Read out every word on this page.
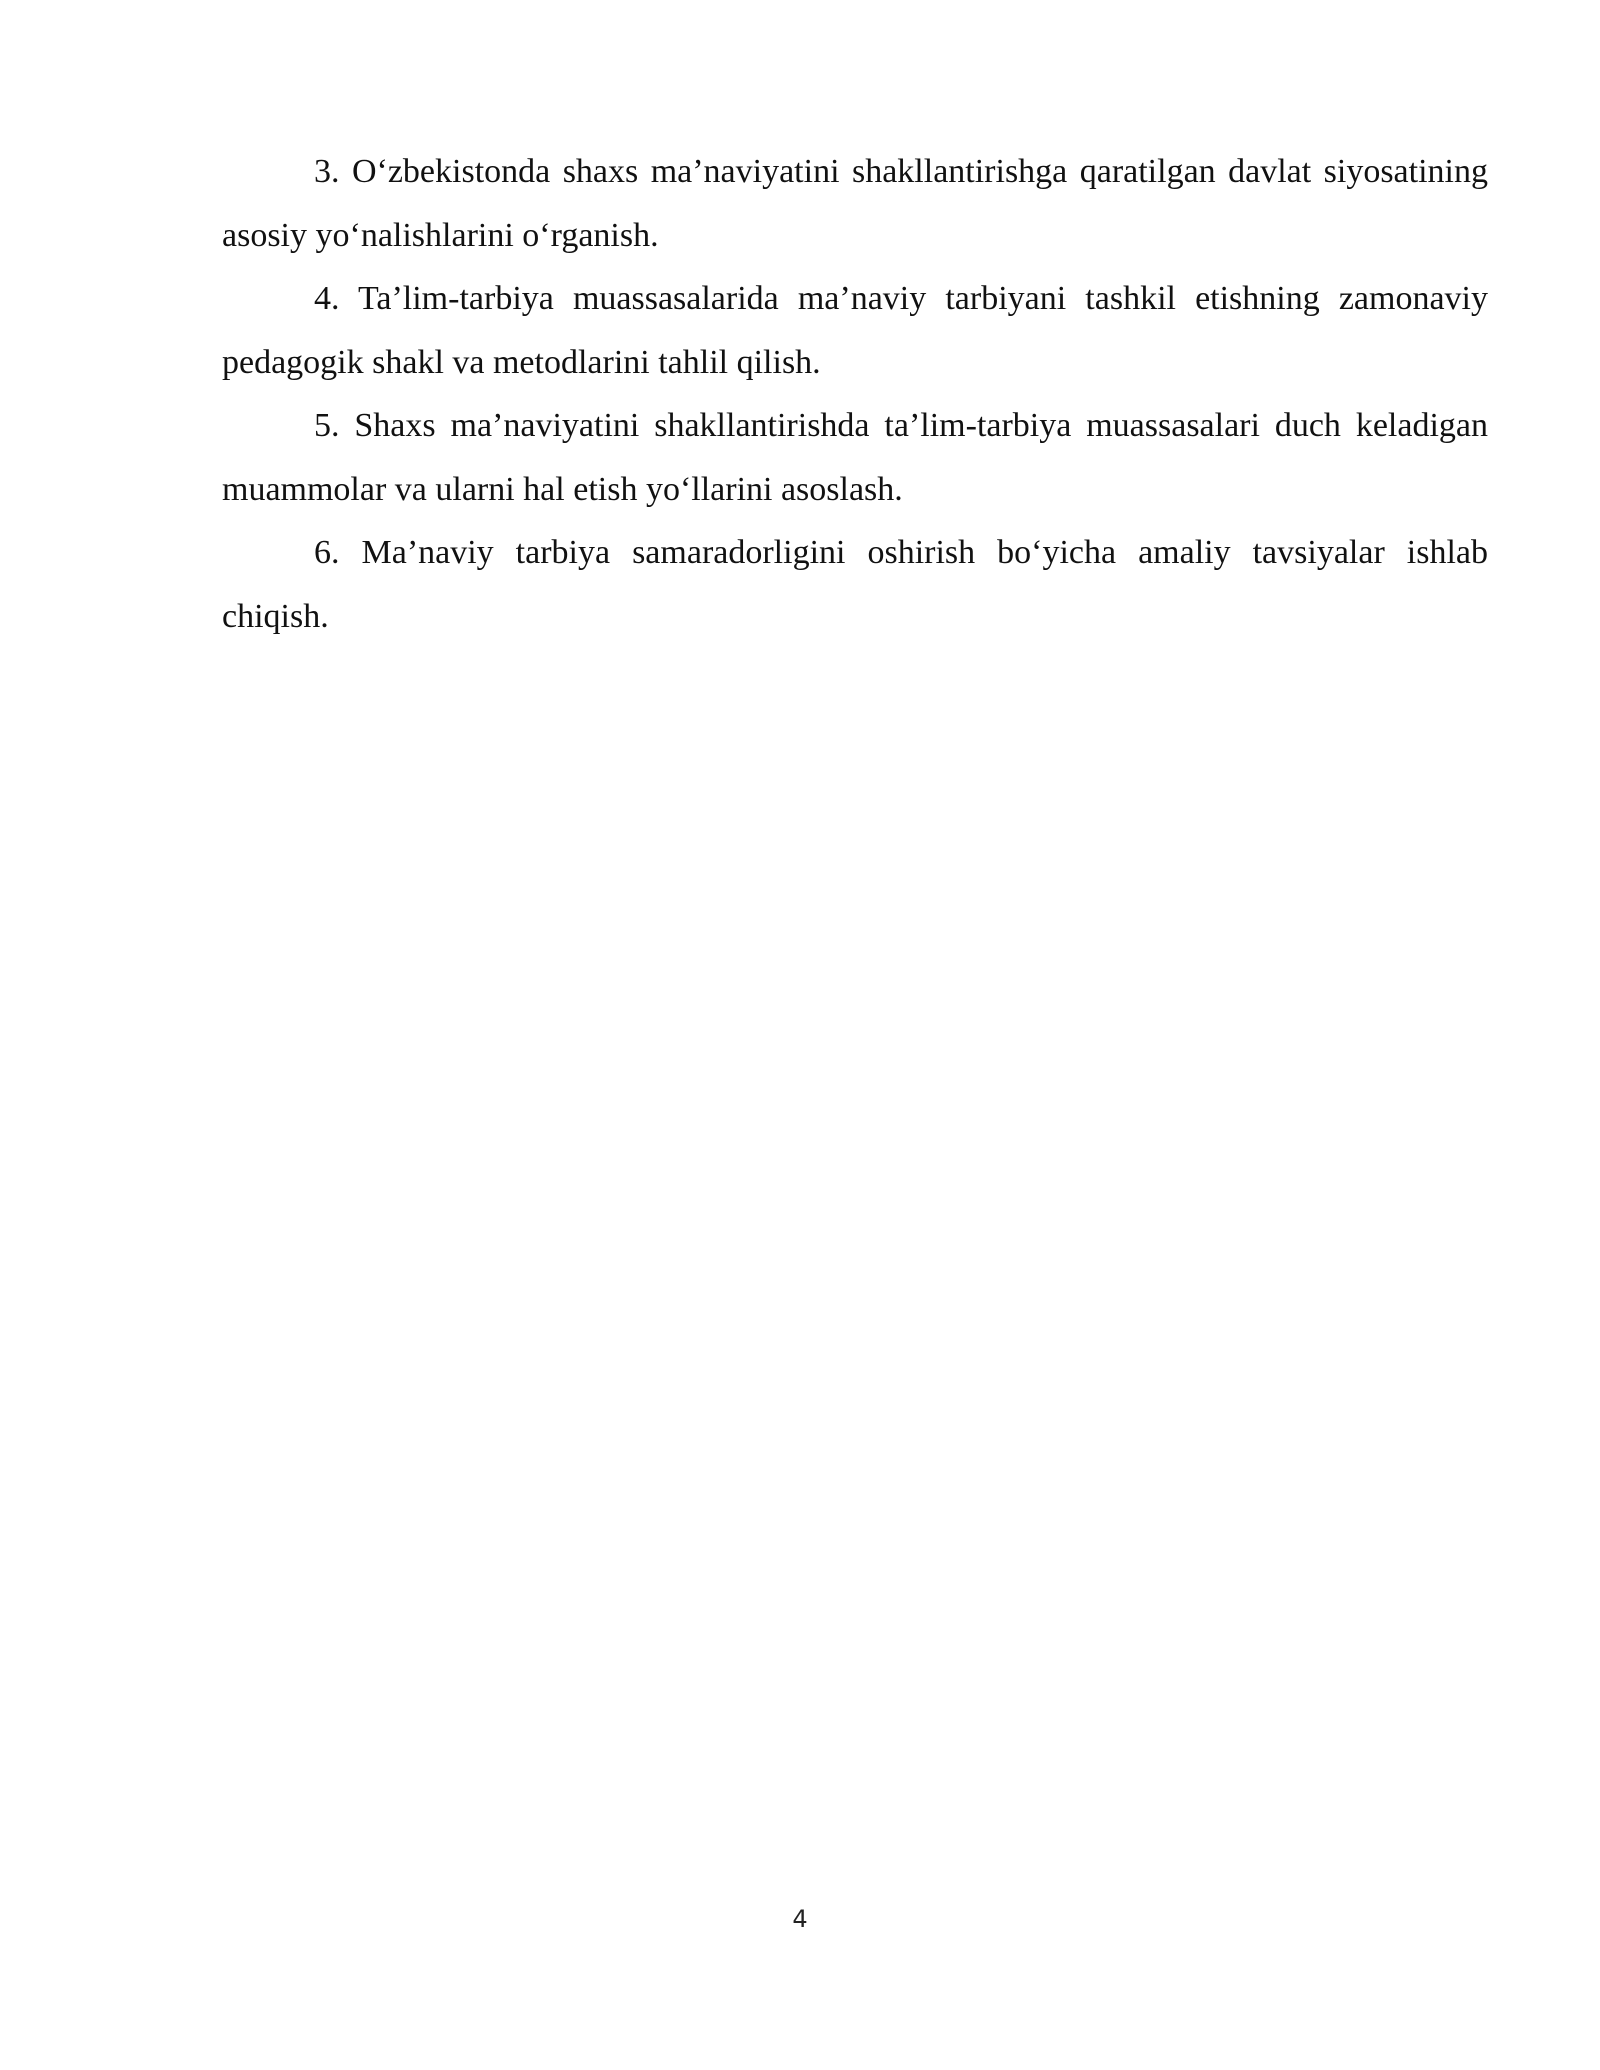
3. O‘zbekistonda shaxs ma’naviyatini shakllantirishga qaratilgan davlat siyosatining asosiy yo‘nalishlarini o‘rganish.

4. Ta’lim-tarbiya muassasalarida ma’naviy tarbiyani tashkil etishning zamonaviy pedagogik shakl va metodlarini tahlil qilish.

5. Shaxs ma’naviyatini shakllantirishda ta’lim-tarbiya muassasalari duch keladigan muammolar va ularni hal etish yo‘llarini asoslash.

6. Ma’naviy tarbiya samaradorligini oshirish bo‘yicha amaliy tavsiyalar ishlab chiqish.

4
